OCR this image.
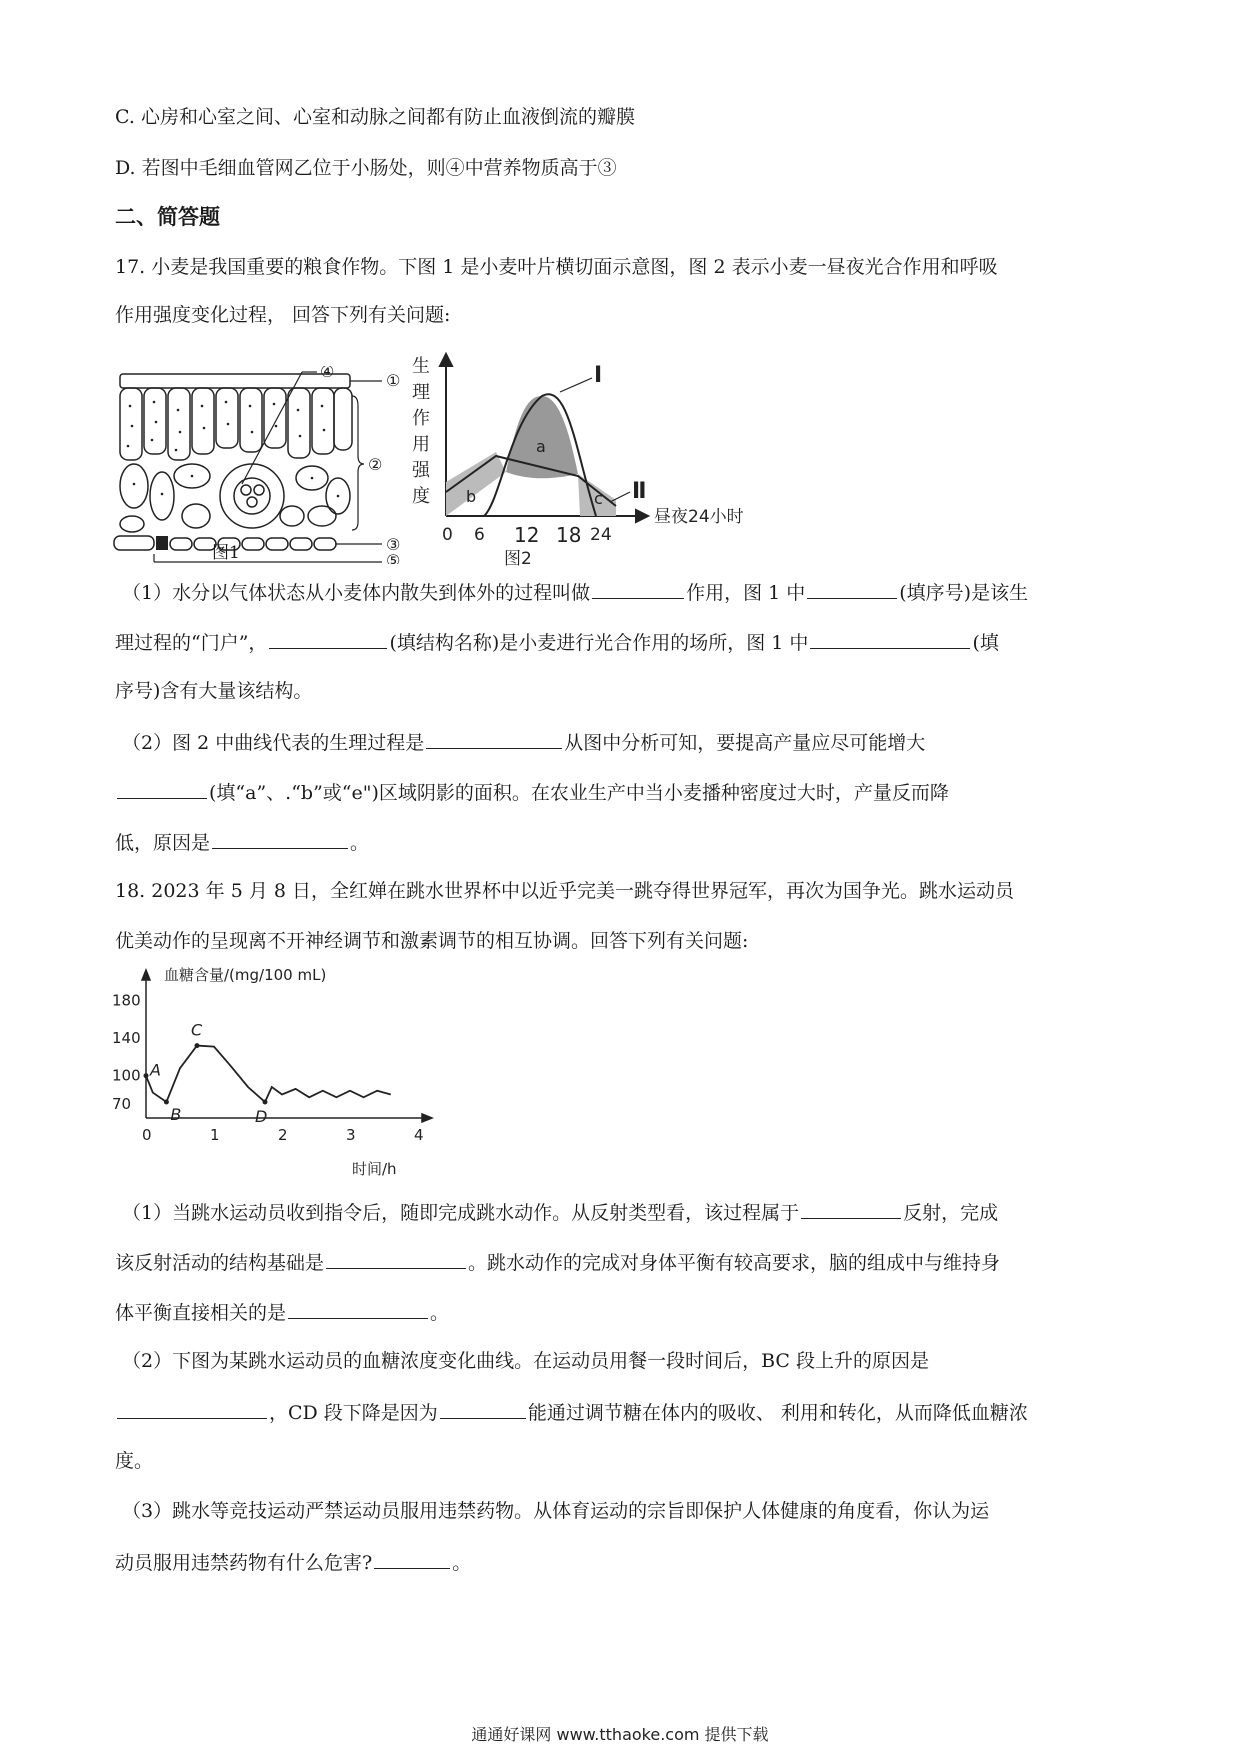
C. 心房和心室之间、心室和动脉之间都有防止血液倒流的瓣膜
D. 若图中毛细血管网乙位于小肠处，则④中营养物质高于③
二、简答题
17. 小麦是我国重要的粮食作物。下图 1 是小麦叶片横切面示意图，图 2 表示小麦一昼夜光合作用和呼吸
作用强度变化过程， 回答下列有关问题:
④	①
②
③
⑤
图1
生
理
作
用
强
度
Ⅰ
Ⅱ
a
b	c
0 6 12 18 24
昼夜24小时
图2
（1）水分以气体状态从小麦体内散失到体外的过程叫做	作用，图 1 中	(填序号)是该生
理过程的“门户”，	(填结构名称)是小麦进行光合作用的场所，图 1 中	(填
序号)含有大量该结构。
（2）图 2 中曲线代表的生理过程是	从图中分析可知，要提高产量应尽可能增大
(填“a”、.“b”或“e")区域阴影的面积。在农业生产中当小麦播种密度过大时，产量反而降
低，原因是	。
18. 2023 年 5 月 8 日，全红婵在跳水世界杯中以近乎完美一跳夺得世界冠军，再次为国争光。跳水运动员
优美动作的呈现离不开神经调节和激素调节的相互协调。回答下列有关问题:
血糖含量/(mg/100 mL)
时间/h
70
100
140
180
0	1	2	3	4
A
B
C
D
（1）当跳水运动员收到指令后，随即完成跳水动作。从反射类型看，该过程属于	反射，完成
该反射活动的结构基础是	。跳水动作的完成对身体平衡有较高要求，脑的组成中与维持身
体平衡直接相关的是	。
（2）下图为某跳水运动员的血糖浓度变化曲线。在运动员用餐一段时间后，BC 段上升的原因是
，CD 段下降是因为	能通过调节糖在体内的吸收、 利用和转化，从而降低血糖浓
度。
（3）跳水等竞技运动严禁运动员服用违禁药物。从体育运动的宗旨即保护人体健康的角度看，你认为运
动员服用违禁药物有什么危害?	。
通通好课网 www.tthaoke.com 提供下载
